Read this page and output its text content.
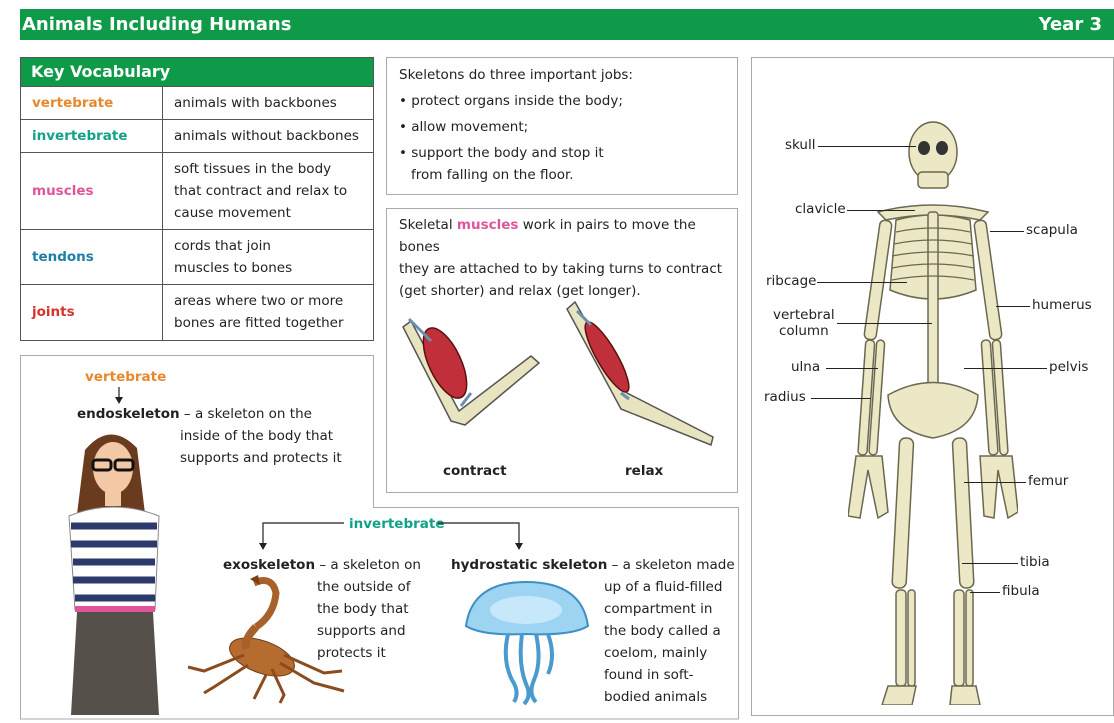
Animals Including Humans	Year 3
Key Vocabulary
vertebrate	animals with backbones
invertebrate	animals without backbones
muscles	soft tissues in the body
that contract and relax to
cause movement

tendons	cords that join
muscles to bones

joints	areas where two or more
bones are fitted together
Skeletons do three important jobs:
• protect organs inside the body;
• allow movement;
• support the body and stop it
from falling on the floor.
Skeletal muscles work in pairs to move the bones
they are attached to by taking turns to contract
(get shorter) and relax (get longer).
contract	relax
vertebrate
endoskeleton – a skeleton on the
inside of the body that
supports and protects it
invertebrate
exoskeleton – a skeleton on
the outside of
the body that
supports and
protects it
hydrostatic skeleton – a skeleton made
up of a fluid-filled
compartment in
the body called a
coelom, mainly
found in soft-
bodied animals
skull
clavicle
ribcage
vertebral
column
ulna
radius
scapula
humerus
pelvis
femur
tibia
fibula
